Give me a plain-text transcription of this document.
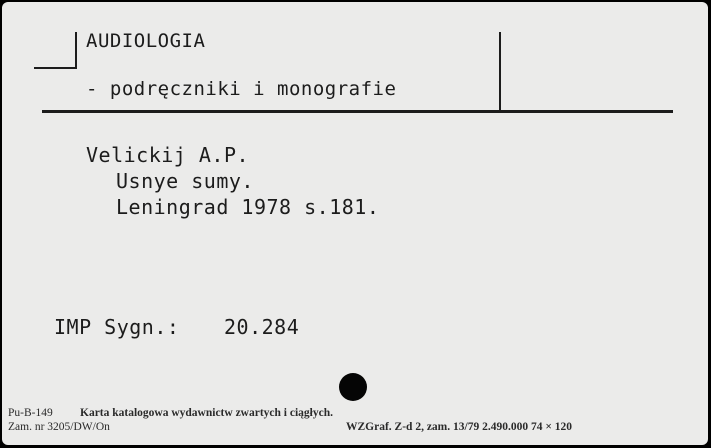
AUDIOLOGIA
- podręczniki i monografie
Velickij A.P.
Usnye sumy.
Leningrad 1978 s.181.
IMP Sygn.: 20.284
Pu-B-149 Karta katalogowa wydawnictw zwartych i ciągłych.
Zam. nr 3205/DW/On	WZGraf. Z-d 2, zam. 13/79 2.490.000 74 × 120
